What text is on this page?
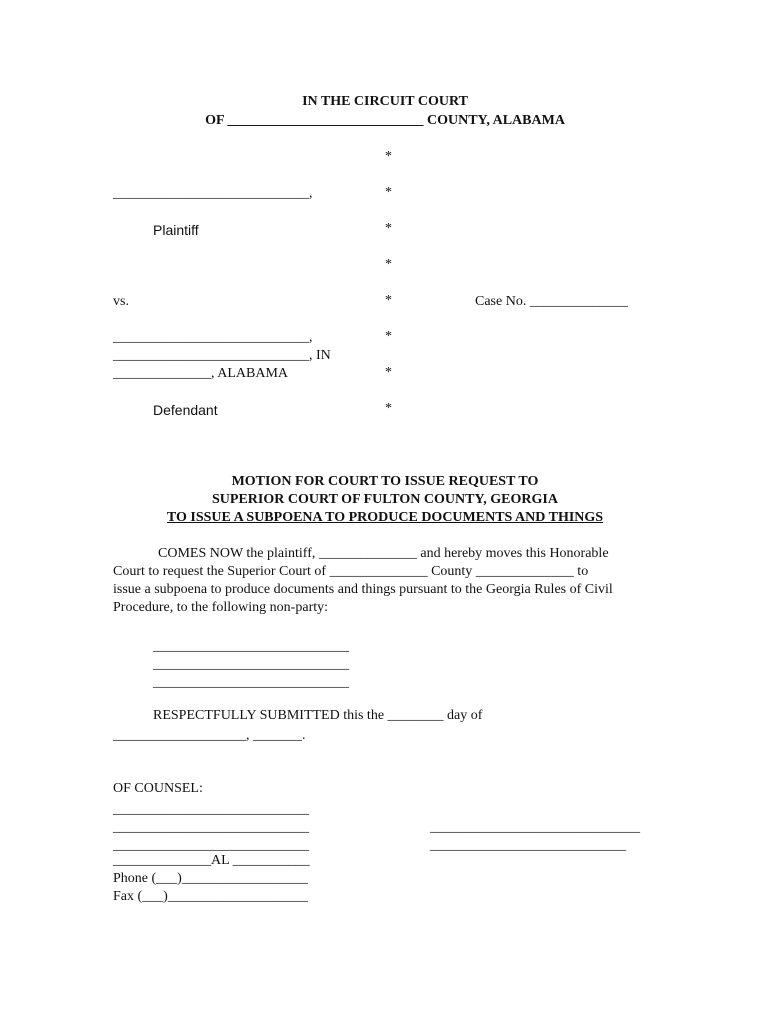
IN THE CIRCUIT COURT

OF ____________________________ COUNTY, ALABAMA

*

*

*

*

*

*

*

*

____________________________,

Plaintiff

vs.	Case No. ______________

____________________________,

____________________________, IN

______________, ALABAMA

Defendant

MOTION FOR COURT TO ISSUE REQUEST TO

SUPERIOR COURT OF FULTON COUNTY, GEORGIA

TO ISSUE A SUBPOENA TO PRODUCE DOCUMENTS AND THINGS

COMES NOW the plaintiff, ______________ and hereby moves this Honorable

Court to request the Superior Court of ______________ County ______________ to

issue a subpoena to produce documents and things pursuant to the Georgia Rules of Civil

Procedure, to the following non-party:

____________________________

____________________________

____________________________

RESPECTFULLY SUBMITTED this the ________ day of

___________________, _______.

OF COUNSEL:

____________________________

____________________________

____________________________

______________AL ___________

Phone (___)__________________

Fax (___)____________________

______________________________

____________________________
